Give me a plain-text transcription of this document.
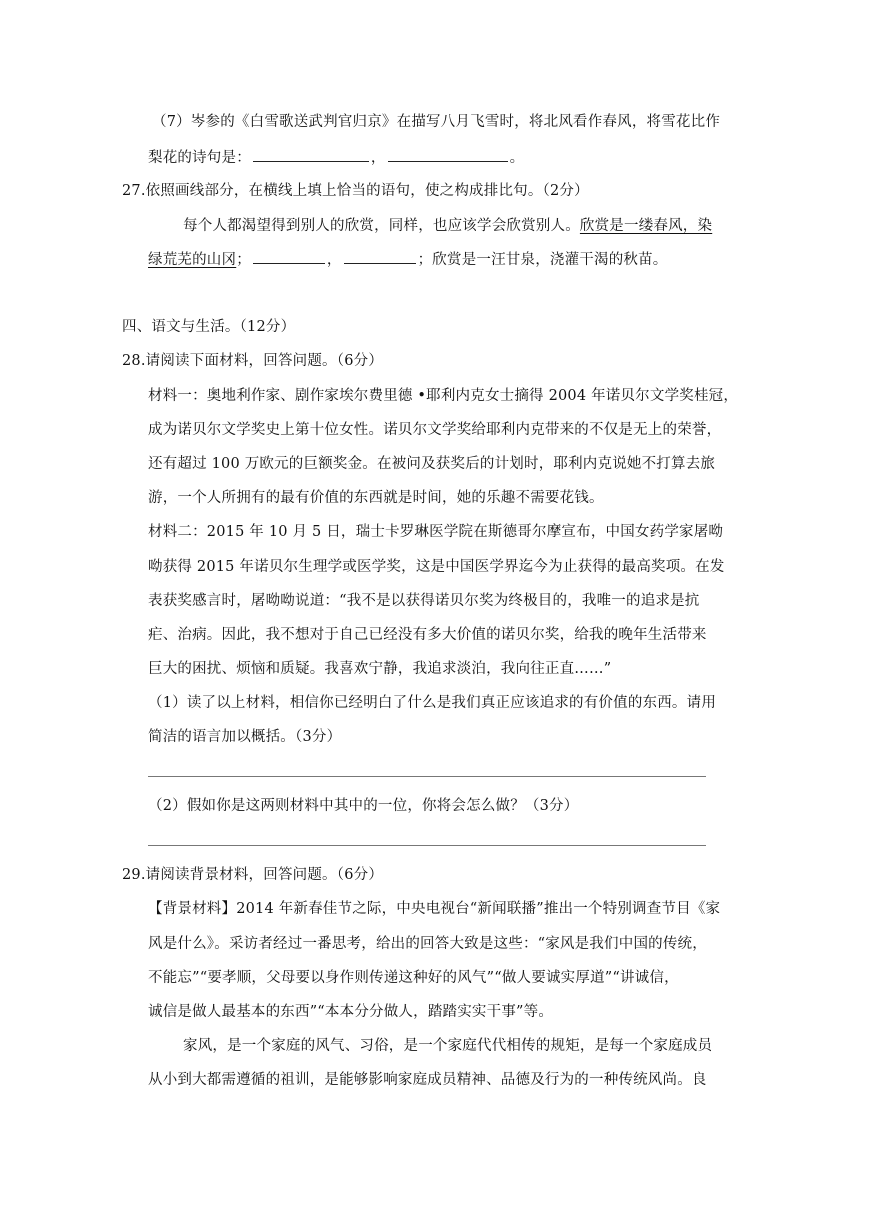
（7）岑参的《白雪歌送武判官归京》在描写八月飞雪时，将北风看作春风，将雪花比作
梨花的诗句是：	，	。
27.依照画线部分，在横线上填上恰当的语句，使之构成排比句。（2分）
每个人都渴望得到别人的欣赏，同样，也应该学会欣赏别人。欣赏是一缕春风，染
绿荒芜的山冈；	，	；欣赏是一汪甘泉，浇灌干渴的秋苗。
四、语文与生活。（12分）
28.请阅读下面材料，回答问题。（6分）
材料一：奥地利作家、剧作家埃尔费里德 •耶利内克女士摘得 2004 年诺贝尔文学奖桂冠，
成为诺贝尔文学奖史上第十位女性。诺贝尔文学奖给耶利内克带来的不仅是无上的荣誉，
还有超过 100 万欧元的巨额奖金。在被问及获奖后的计划时，耶利内克说她不打算去旅
游，一个人所拥有的最有价值的东西就是时间，她的乐趣不需要花钱。
材料二：2015 年 10 月 5 日，瑞士卡罗琳医学院在斯德哥尔摩宣布，中国女药学家屠呦
呦获得 2015 年诺贝尔生理学或医学奖，这是中国医学界迄今为止获得的最高奖项。在发
表获奖感言时，屠呦呦说道：“我不是以获得诺贝尔奖为终极目的，我唯一的追求是抗
疟、治病。因此，我不想对于自己已经没有多大价值的诺贝尔奖，给我的晚年生活带来
巨大的困扰、烦恼和质疑。我喜欢宁静，我追求淡泊，我向往正直……”
（1）读了以上材料，相信你已经明白了什么是我们真正应该追求的有价值的东西。请用
简洁的语言加以概括。（3分）
（2）假如你是这两则材料中其中的一位，你将会怎么做？（3分）
29.请阅读背景材料，回答问题。（6分）
【背景材料】2014 年新春佳节之际，中央电视台“新闻联播”推出一个特别调查节目《家
风是什么》。采访者经过一番思考，给出的回答大致是这些：“家风是我们中国的传统，
不能忘”“要孝顺，父母要以身作则传递这种好的风气”“做人要诚实厚道”“讲诚信，
诚信是做人最基本的东西”“本本分分做人，踏踏实实干事”等。
家风，是一个家庭的风气、习俗，是一个家庭代代相传的规矩，是每一个家庭成员
从小到大都需遵循的祖训，是能够影响家庭成员精神、品德及行为的一种传统风尚。良
